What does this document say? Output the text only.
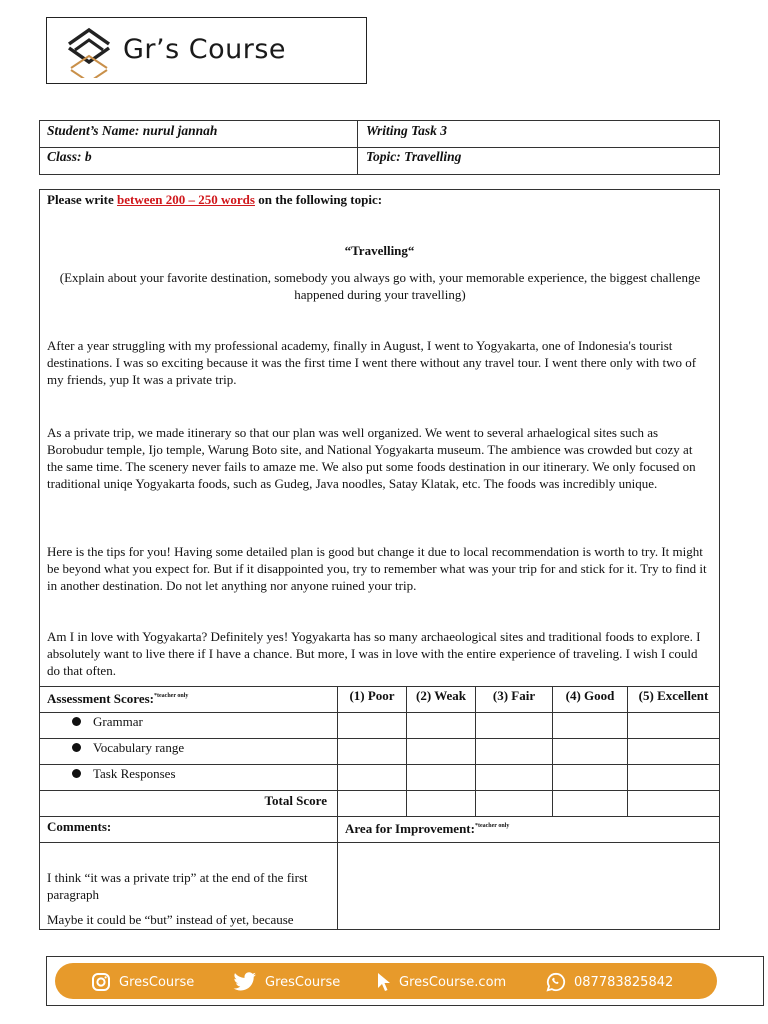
Gr’s Course
Student’s Name: nurul jannah	Writing Task 3
Class: b	Topic: Travelling
Please write between 200 – 250 words on the following topic:
“Travelling“
(Explain about your favorite destination, somebody you always go with, your memorable experience, the biggest challenge happened during your travelling)
After a year struggling with my professional academy, finally in August, I went to Yogyakarta, one of Indonesia's tourist destinations. I was so exciting because it was the first time I went there without any travel tour. I went there only with two of my friends, yup It was a private trip.
As a private trip, we made itinerary so that our plan was well organized. We went to several arhaelogical sites such as Borobudur temple, Ijo temple, Warung Boto site, and National Yogyakarta museum. The ambience was crowded but cozy at the same time. The scenery never fails to amaze me. We also put some foods destination in our itinerary. We only focused on traditional uniqe Yogyakarta foods, such as Gudeg, Java noodles, Satay Klatak, etc. The foods was incredibly unique.
Here is the tips for you! Having some detailed plan is good but change it due to local recommendation is worth to try. It might be beyond what you expect for. But if it disappointed you, try to remember what was your trip for and stick for it. Try to find it in another destination. Do not let anything nor anyone ruined your trip.
Am I in love with Yogyakarta? Definitely yes! Yogyakarta has so many archaeological sites and traditional foods to explore. I absolutely want to live there if I have a chance. But more, I was in love with the entire experience of traveling. I wish I could do that often.
Assessment Scores:$^{*teacher only}$	(1) Poor	(2) Weak	(3) Fair	(4) Good	(5) Excellent
Grammar
Vocabulary range
Task Responses
Total Score
Comments:	Area for Improvement:$^{*teacher only}$
I think “it was a private trip” at the end of the first paragraph
Maybe it could be “but” instead of yet, because
GresCourse	GresCourse	GresCourse.com	087783825842
